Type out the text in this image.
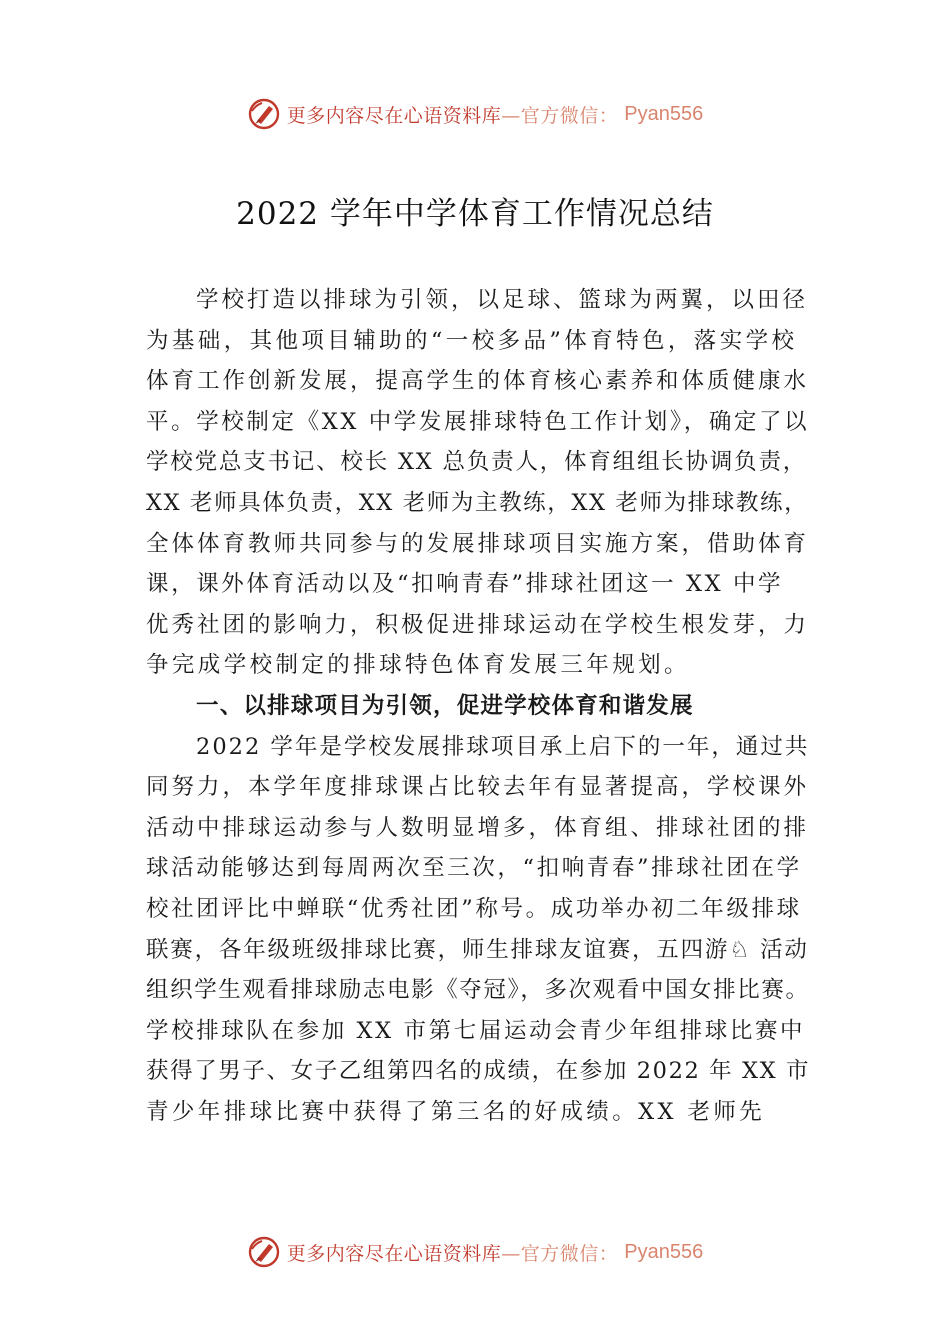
更多内容尽在心语资料库—官方微信： Pyan556
2022 学年中学体育工作情况总结
学校打造以排球为引领，以足球、篮球为两翼，以田径
为基础，其他项目辅助的“一校多品”体育特色，落实学校
体育工作创新发展，提高学生的体育核心素养和体质健康水
平。学校制定《XX 中学发展排球特色工作计划》，确定了以
学校党总支书记、校长 XX 总负责人，体育组组长协调负责，
XX 老师具体负责，XX 老师为主教练，XX 老师为排球教练，
全体体育教师共同参与的发展排球项目实施方案，借助体育
课，课外体育活动以及“扣响青春”排球社团这一 XX 中学
优秀社团的影响力，积极促进排球运动在学校生根发芽，力
争完成学校制定的排球特色体育发展三年规划。
一、以排球项目为引领，促进学校体育和谐发展
2022 学年是学校发展排球项目承上启下的一年，通过共
同努力，本学年度排球课占比较去年有显著提高，学校课外
活动中排球运动参与人数明显增多，体育组、排球社团的排
球活动能够达到每周两次至三次，“扣响青春”排球社团在学
校社团评比中蝉联“优秀社团”称号。成功举办初二年级排球
联赛，各年级班级排球比赛，师生排球友谊赛，五四游♘ 活动
组织学生观看排球励志电影《夺冠》，多次观看中国女排比赛。
学校排球队在参加 XX 市第七届运动会青少年组排球比赛中
获得了男子、女子乙组第四名的成绩，在参加 2022 年 XX 市
青少年排球比赛中获得了第三名的好成绩。XX 老师先
更多内容尽在心语资料库—官方微信： Pyan556
